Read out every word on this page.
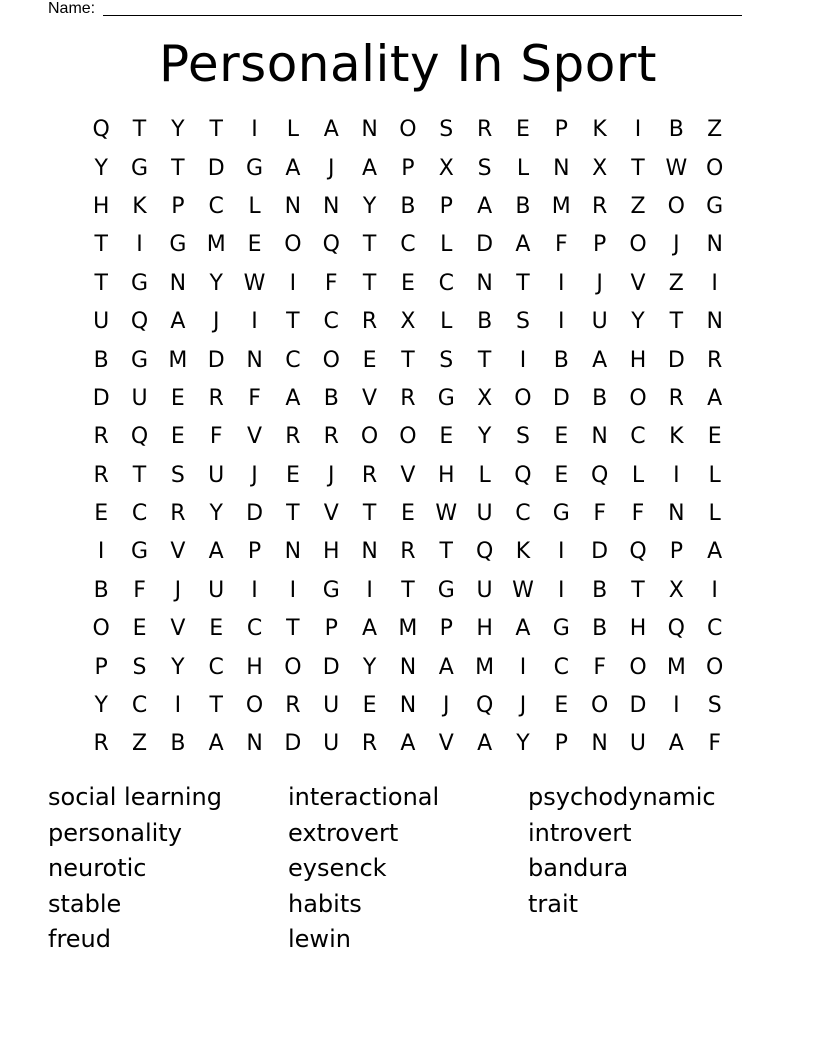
Name:
Personality In Sport
Q	T	Y	T	I	L	A	N O	S	R	E	P	K	I	B	Z
Y	G	T	D G	A	J	A	P	X	S	L	N	X	T W O
H	K	P	C	L	N N	Y	B	P	A	B M R	Z	O G
T	I	G M E	O Q	T	C	L	D	A	F	P	O	J	N
T	G N	Y W	I	F	T	E	C	N	T	I	J	V	Z	I
U Q	A	J	I	T	C	R	X	L	B	S	I	U	Y	T	N
B	G M D N	C O	E	T	S	T	I	B	A	H D	R
D U	E	R	F	A	B	V	R	G	X	O D	B	O	R	A
R	Q	E	F	V	R	R	O O	E	Y	S	E	N	C	K	E
R	T	S	U	J	E	J	R	V	H	L	Q	E	Q	L	I	L
E	C	R	Y	D	T	V	T	E W U	C	G	F	F	N	L
I	G	V	A	P	N H N	R	T	Q	K	I	D Q	P	A
B	F	J	U	I	I	G	I	T	G U W	I	B	T	X	I
O	E	V	E	C	T	P	A M	P	H	A	G	B	H Q	C
P	S	Y	C	H O D	Y	N	A M	I	C	F	O M O
Y	C	I	T	O	R	U	E	N	J	Q	J	E	O D	I	S
R	Z	B	A	N D U	R	A	V	A	Y	P	N	U	A	F
social learning	interactional	psychodynamic
personality	extrovert	introvert
neurotic	eysenck	bandura
stable	habits	trait
freud	lewin
